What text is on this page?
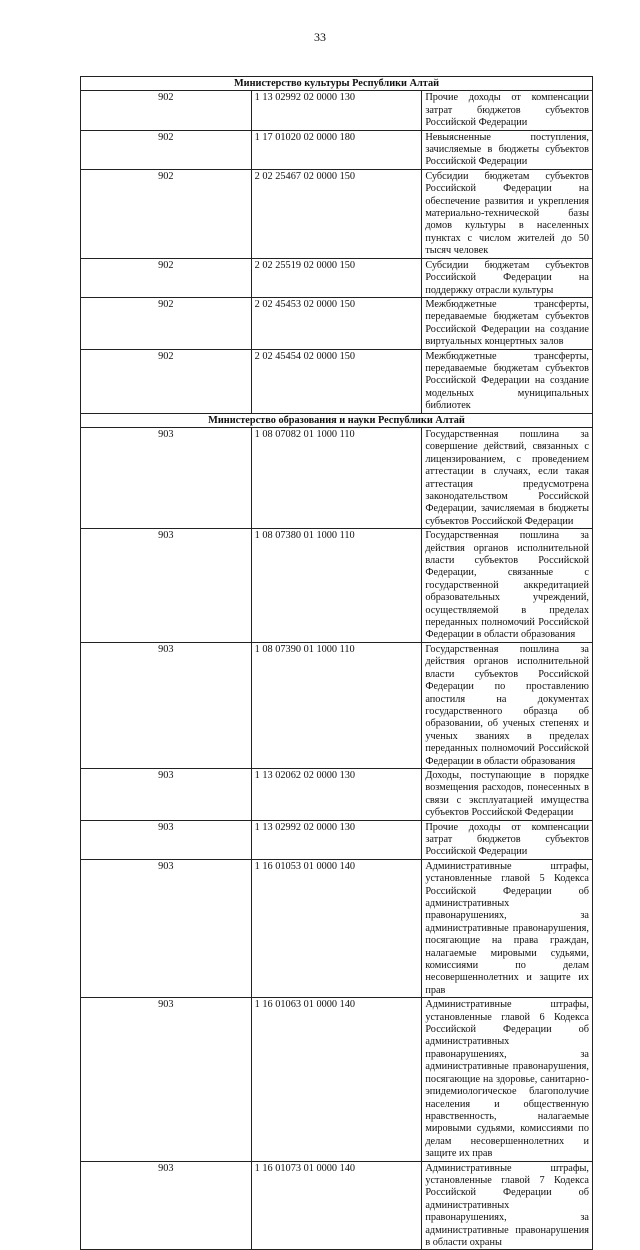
33
Министерство культуры Республики Алтай		
902	1 13 02992 02 0000 130	Прочие доходы от компенсации затрат бюджетов субъектов Российской Федерации
902	1 17 01020 02 0000 180	Невыясненные поступления, зачисляемые в бюджеты субъектов Российской Федерации
902	2 02 25467 02 0000 150	Субсидии бюджетам субъектов Российской Федерации на обеспечение развития и укрепления материально-технической базы домов культуры в населенных пунктах с числом жителей до 50 тысяч человек
902	2 02 25519 02 0000 150	Субсидии бюджетам субъектов Российской Федерации на поддержку отрасли культуры
902	2 02 45453 02 0000 150	Межбюджетные трансферты, передаваемые бюджетам субъектов Российской Федерации на создание виртуальных концертных залов
902	2 02 45454 02 0000 150	Межбюджетные трансферты, передаваемые бюджетам субъектов Российской Федерации на создание модельных муниципальных библиотек
Министерство образования и науки Республики Алтай		
903	1 08 07082 01 1000 110	Государственная пошлина за совершение действий, связанных с лицензированием, с проведением аттестации в случаях, если такая аттестация предусмотрена законодательством Российской Федерации, зачисляемая в бюджеты субъектов Российской Федерации
903	1 08 07380 01 1000 110	Государственная пошлина за действия органов исполнительной власти субъектов Российской Федерации, связанные с государственной аккредитацией образовательных учреждений, осуществляемой в пределах переданных полномочий Российской Федерации в области образования
903	1 08 07390 01 1000 110	Государственная пошлина за действия органов исполнительной власти субъектов Российской Федерации по проставлению апостиля на документах государственного образца об образовании, об ученых степенях и ученых званиях в пределах переданных полномочий Российской Федерации в области образования
903	1 13 02062 02 0000 130	Доходы, поступающие в порядке возмещения расходов, понесенных в связи с эксплуатацией имущества субъектов Российской Федерации
903	1 13 02992 02 0000 130	Прочие доходы от компенсации затрат бюджетов субъектов Российской Федерации
903	1 16 01053 01 0000 140	Административные штрафы, установленные главой 5 Кодекса Российской Федерации об административных правонарушениях, за административные правонарушения, посягающие на права граждан, налагаемые мировыми судьями, комиссиями по делам несовершеннолетних и защите их прав
903	1 16 01063 01 0000 140	Административные штрафы, установленные главой 6 Кодекса Российской Федерации об административных правонарушениях, за административные правонарушения, посягающие на здоровье, санитарно-эпидемиологическое благополучие населения и общественную нравственность, налагаемые мировыми судьями, комиссиями по делам несовершеннолетних и защите их прав
903	1 16 01073 01 0000 140	Административные штрафы, установленные главой 7 Кодекса Российской Федерации об административных правонарушениях, за административные правонарушения в области охраны
